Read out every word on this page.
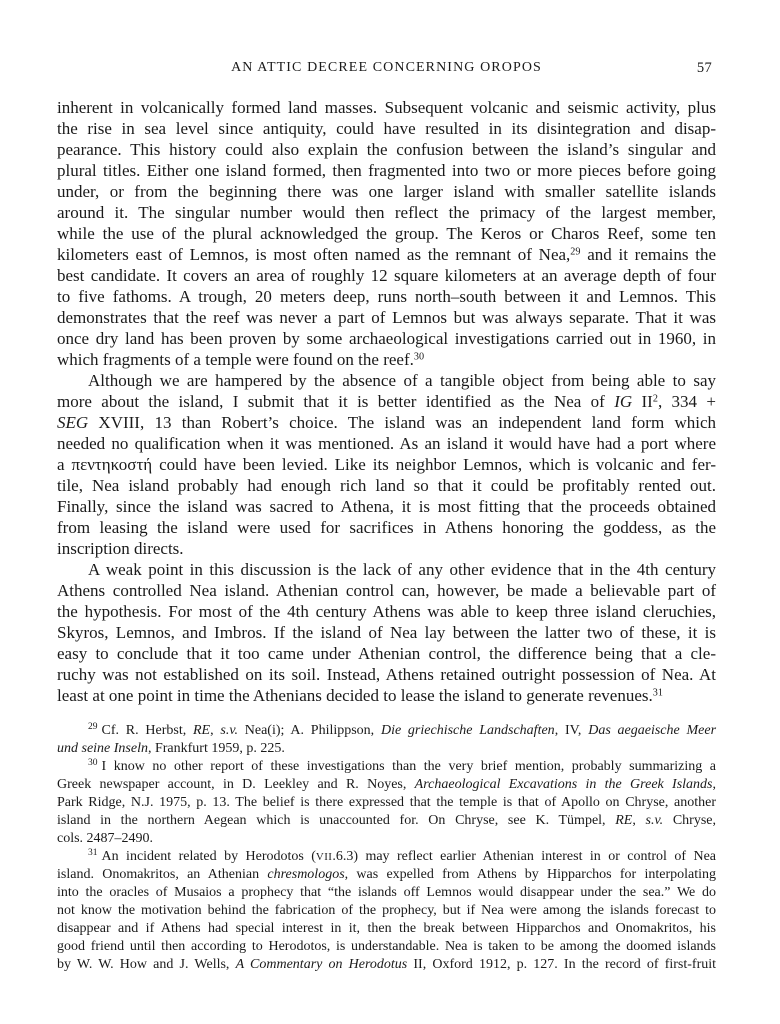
AN ATTIC DECREE CONCERNING OROPOS	57
inherent in volcanically formed land masses. Subsequent volcanic and seismic activity, plus
the rise in sea level since antiquity, could have resulted in its disintegration and disap-
pearance. This history could also explain the confusion between the island’s singular and
plural titles. Either one island formed, then fragmented into two or more pieces before going
under, or from the beginning there was one larger island with smaller satellite islands
around it. The singular number would then reflect the primacy of the largest member,
while the use of the plural acknowledged the group. The Keros or Charos Reef, some ten
kilometers east of Lemnos, is most often named as the remnant of Nea,$^{29}$ and it remains the
best candidate. It covers an area of roughly 12 square kilometers at an average depth of four
to five fathoms. A trough, 20 meters deep, runs north–south between it and Lemnos. This
demonstrates that the reef was never a part of Lemnos but was always separate. That it was
once dry land has been proven by some archaeological investigations carried out in 1960, in
which fragments of a temple were found on the reef.$^{30}$
Although we are hampered by the absence of a tangible object from being able to say
more about the island, I submit that it is better identified as the Nea of IG $II^2$, 334 +
SEG XVIII, 13 than Robert’s choice. The island was an independent land form which
needed no qualification when it was mentioned. As an island it would have had a port where
a πεντηκοστή could have been levied. Like its neighbor Lemnos, which is volcanic and fer-
tile, Nea island probably had enough rich land so that it could be profitably rented out.
Finally, since the island was sacred to Athena, it is most fitting that the proceeds obtained
from leasing the island were used for sacrifices in Athens honoring the goddess, as the
inscription directs.
A weak point in this discussion is the lack of any other evidence that in the 4th century
Athens controlled Nea island. Athenian control can, however, be made a believable part of
the hypothesis. For most of the 4th century Athens was able to keep three island cleruchies,
Skyros, Lemnos, and Imbros. If the island of Nea lay between the latter two of these, it is
easy to conclude that it too came under Athenian control, the difference being that a cle-
ruchy was not established on its soil. Instead, Athens retained outright possession of Nea. At
least at one point in time the Athenians decided to lease the island to generate revenues.$^{31}$
$^{29}$ Cf. R. Herbst, RE, s.v. Nea(i); A. Philippson, Die griechische Landschaften, IV, Das aegaeische Meer
und seine Inseln, Frankfurt 1959, p. 225.
$^{30}$ I know no other report of these investigations than the very brief mention, probably summarizing a
Greek newspaper account, in D. Leekley and R. Noyes, Archaeological Excavations in the Greek Islands,
Park Ridge, N.J. 1975, p. 13. The belief is there expressed that the temple is that of Apollo on Chryse, another
island in the northern Aegean which is unaccounted for. On Chryse, see K. Tümpel, RE, s.v. Chryse,
cols. 2487–2490.
$^{31}$ An incident related by Herodotos (VII.6.3) may reflect earlier Athenian interest in or control of Nea
island. Onomakritos, an Athenian chresmologos, was expelled from Athens by Hipparchos for interpolating
into the oracles of Musaios a prophecy that “the islands off Lemnos would disappear under the sea.” We do
not know the motivation behind the fabrication of the prophecy, but if Nea were among the islands forecast to
disappear and if Athens had special interest in it, then the break between Hipparchos and Onomakritos, his
good friend until then according to Herodotos, is understandable. Nea is taken to be among the doomed islands
by W. W. How and J. Wells, A Commentary on Herodotus II, Oxford 1912, p. 127. In the record of first-fruit
